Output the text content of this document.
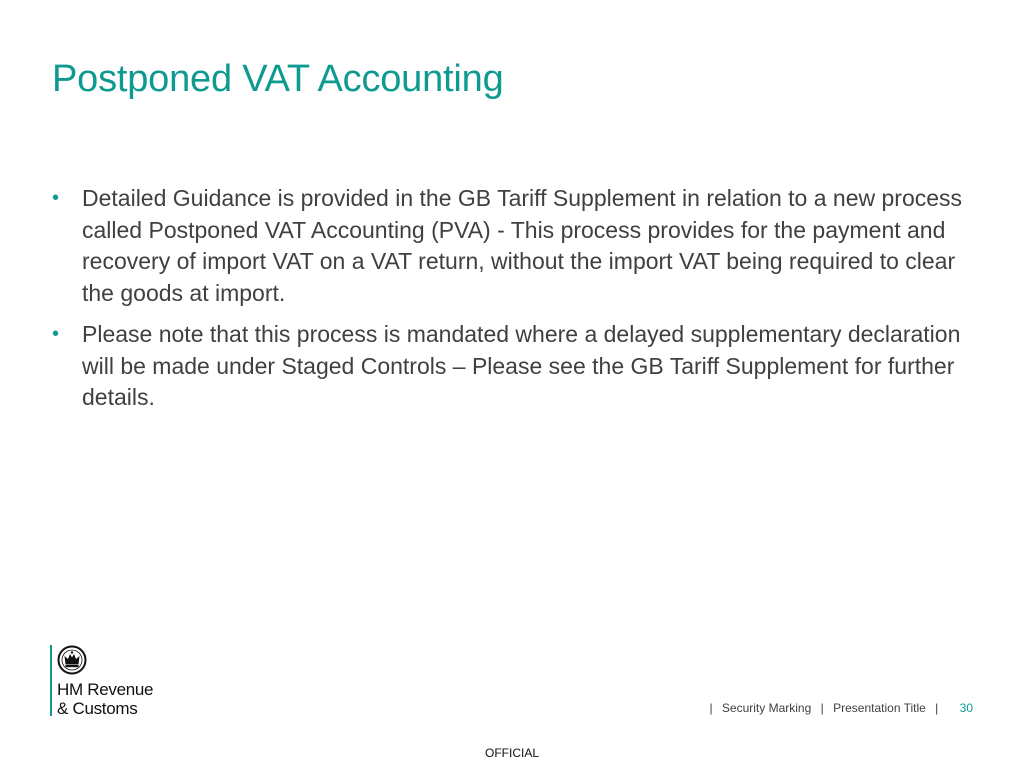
Postponed VAT Accounting
• Detailed Guidance is provided in the GB Tariff Supplement in relation to a new process called Postponed VAT Accounting (PVA) - This process provides for the payment and recovery of import VAT on a VAT return, without the import VAT being required to clear the goods at import.
• Please note that this process is mandated where a delayed supplementary declaration will be made under Staged Controls – Please see the GB Tariff Supplement for further details.
HM Revenue
& Customs	| Security Marking | Presentation Title | 30
OFFICIAL
